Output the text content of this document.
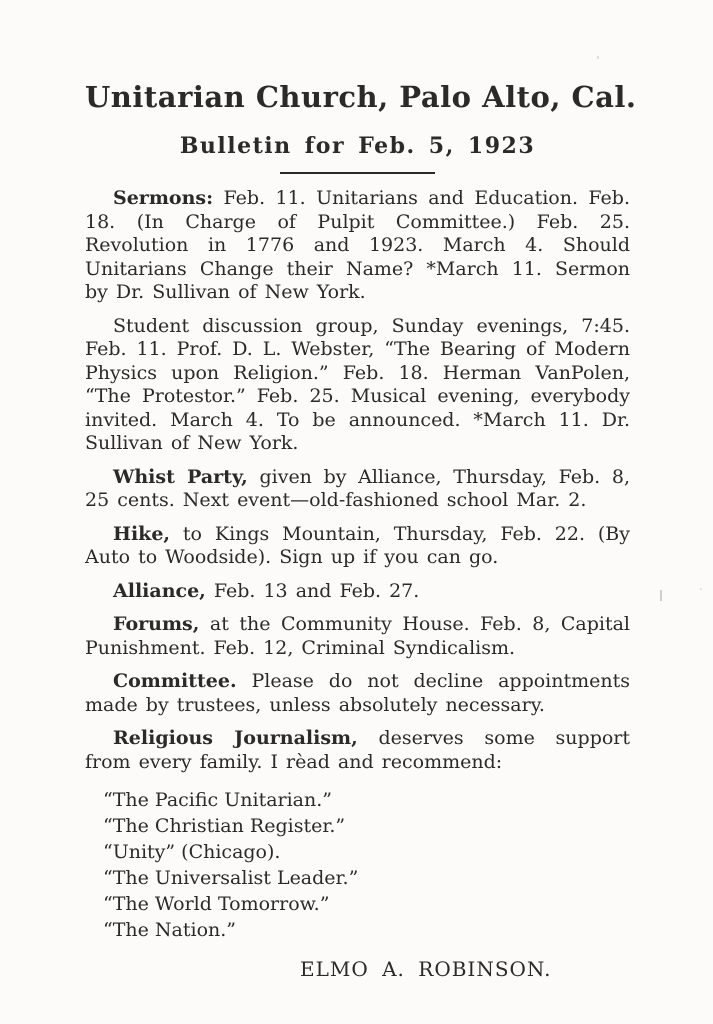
Unitarian Church, Palo Alto, Cal.
Bulletin for Feb. 5, 1923

Sermons: Feb. 11. Unitarians and Education. Feb. 18. (In Charge of Pulpit Committee.) Feb. 25. Revolution in 1776 and 1923. March 4. Should Unitarians Change their Name? *March 11. Sermon by Dr. Sullivan of New York.

Student discussion group, Sunday evenings, 7:45. Feb. 11. Prof. D. L. Webster, “The Bearing of Modern Physics upon Religion.” Feb. 18. Herman VanPolen, “The Protestor.” Feb. 25. Musical evening, everybody invited. March 4. To be announced. *March 11. Dr. Sullivan of New York.

Whist Party, given by Alliance, Thursday, Feb. 8, 25 cents. Next event—old-fashioned school Mar. 2.

Hike, to Kings Mountain, Thursday, Feb. 22. (By Auto to Woodside). Sign up if you can go.

Alliance, Feb. 13 and Feb. 27.

Forums, at the Community House. Feb. 8, Capital Punishment. Feb. 12, Criminal Syndicalism.

Committee. Please do not decline appointments made by trustees, unless absolutely necessary.

Religious Journalism, deserves some support from every family. I rèad and recommend:

“The Pacific Unitarian.”
“The Christian Register.”
“Unity” (Chicago).
“The Universalist Leader.”
“The World Tomorrow.”
“The Nation.”
ELMO A. ROBINSON.
